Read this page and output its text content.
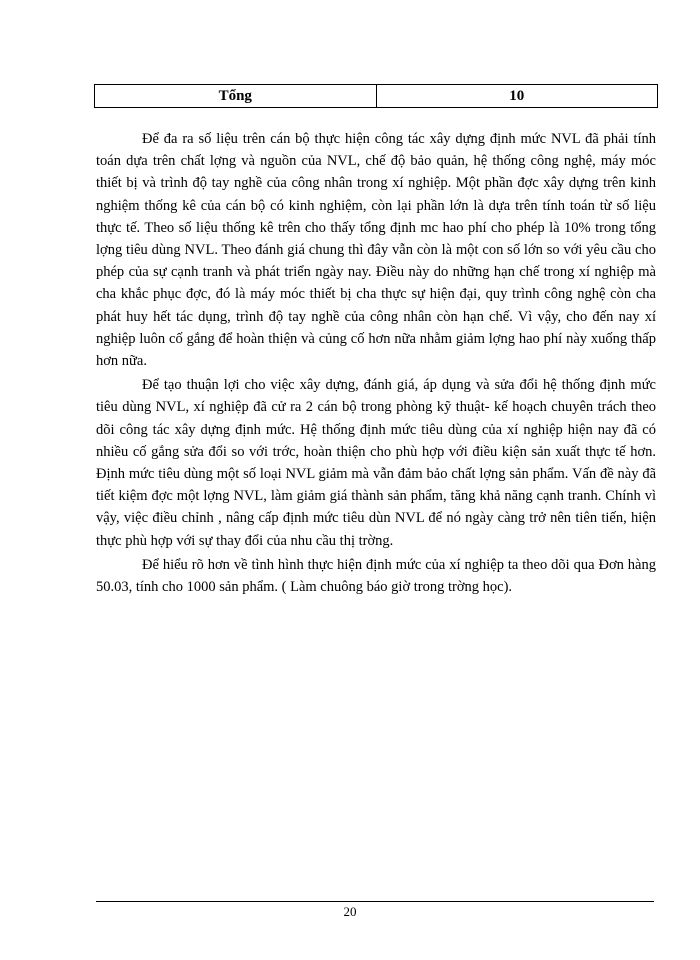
Tổng	10

Để đa ra số liệu trên cán bộ thực hiện công tác xây dựng định mức NVL đã phải tính toán dựa trên chất lợng và nguồn của NVL, chế độ bảo quản, hệ thống công nghệ, máy móc thiết bị và trình độ tay nghề của công nhân trong xí nghiệp. Một phần đợc xây dựng trên kinh nghiệm thống kê của cán bộ có kinh nghiệm, còn lại phần lớn là dựa trên tính toán từ số liệu thực tế. Theo số liệu thống kê trên cho thấy tổng định mc hao phí cho phép là 10% trong tổng lợng tiêu dùng NVL. Theo đánh giá chung thì đây vẫn còn là một con số lớn so với yêu cầu cho phép của sự cạnh tranh và phát triển ngày nay. Điều này do những hạn chế trong xí nghiệp mà cha khắc phục đợc, đó là máy móc thiết bị cha thực sự hiện đại, quy trình công nghệ còn cha phát huy hết tác dụng, trình độ tay nghề của công nhân còn hạn chế. Vì vậy, cho đến nay xí nghiệp luôn cố gắng để hoàn thiện và củng cố hơn nữa nhằm giảm lợng hao phí này xuống thấp hơn nữa.

Để tạo thuận lợi cho việc xây dựng, đánh giá, áp dụng và sửa đổi hệ thống định mức tiêu dùng NVL, xí nghiệp đã cử ra 2 cán bộ trong phòng kỹ thuật- kế hoạch chuyên trách theo dõi công tác xây dựng định mức. Hệ thống định mức tiêu dùng của xí nghiệp hiện nay đã có nhiều cố gắng sửa đổi so với trớc, hoàn thiện cho phù hợp với điều kiện sản xuất thực tế hơn. Định mức tiêu dùng một số loại NVL giảm mà vẫn đảm bảo chất lợng sản phẩm. Vấn đề này đã tiết kiệm đợc một lợng NVL, làm giảm giá thành sản phẩm, tăng khả năng cạnh tranh. Chính vì vậy, việc điều chỉnh , nâng cấp định mức tiêu dùn NVL để nó ngày càng trở nên tiên tiến, hiện thực phù hợp với sự thay đổi của nhu cầu thị trờng.

Để hiểu rõ hơn về tình hình thực hiện định mức của xí nghiệp ta theo dõi qua Đơn hàng 50.03, tính cho 1000 sản phẩm. ( Làm chuông báo giờ trong trờng học).

20
